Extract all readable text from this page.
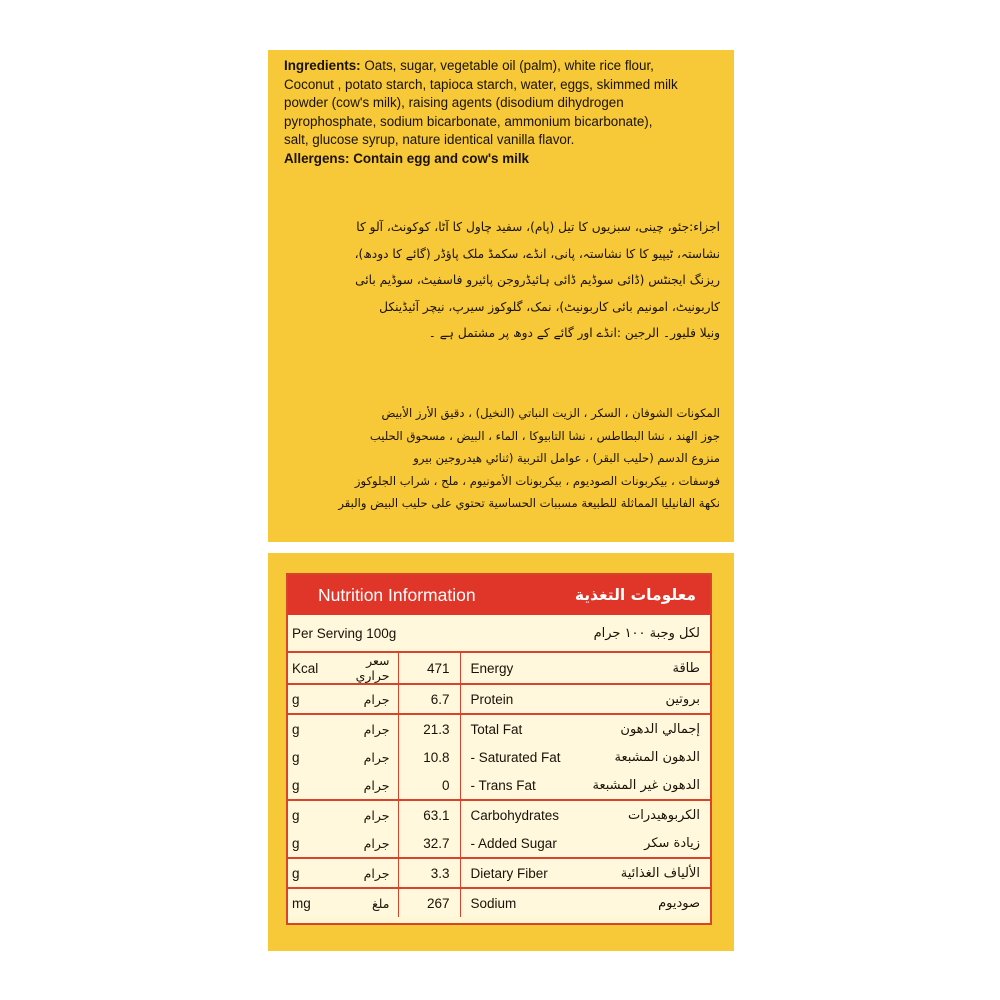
Ingredients: Oats, sugar, vegetable oil (palm), white rice flour,
Coconut , potato starch, tapioca starch, water, eggs, skimmed milk
powder (cow's milk), raising agents (disodium dihydrogen
pyrophosphate, sodium bicarbonate, ammonium bicarbonate),
salt, glucose syrup, nature identical vanilla flavor.

Allergens: Contain egg and cow's milk

اجزاء:جئو، چینی، سبزیوں کا تیل (پام)، سفید چاول کا آٹا، کوکونٹ، آلو کا

نشاستہ، ٹیپیو کا کا نشاستہ، پانی، انڈے، سکمڈ ملک پاؤڈر (گائے کا دودھ)،

ریزنگ ایجنٹس (ڈائی سوڈیم ڈائی ہائیڈروجن پائیرو فاسفیٹ، سوڈیم بائی

کاربونیٹ، امونیم بائی کاربونیٹ)، نمک، گلوکوز سیرپ، نیچر آئیڈینکل

ونیلا فلیور۔ الرجین :انڈے اور گائے کے دوھ پر مشتمل ہے ۔

المكونات الشوفان ، السكر ، الزيت النباتي (النخيل) ، دقيق الأرز الأبيض

جوز الهند ، نشا البطاطس ، نشا التابيوكا ، الماء ، البيض ، مسحوق الحليب

منزوع الدسم (حليب البقر) ، عوامل التربية (ثنائي هيدروجين بيرو

فوسفات ، بيكربونات الصوديوم ، بيكربونات الأمونيوم ، ملح ، شراب الجلوكوز

نكهة الفانيليا المماثلة للطبيعة مسببات الحساسية تحتوي على حليب البيض والبقر

Nutrition Information	معلومات التغذية
Per Serving 100g	لكل وجبة ١٠٠ جرام
Kcal	سعر حراري	471	Energy	طاقة
g	جرام	6.7	Protein	بروتين
g	جرام	21.3	Total Fat	إجمالي الدهون
g	جرام	10.8	- Saturated Fat	الدهون المشبعة
g	جرام	0	- Trans Fat	الدهون غير المشبعة
g	جرام	63.1	Carbohydrates	الكربوهيدرات
g	جرام	32.7	- Added Sugar	زيادة سكر
g	جرام	3.3	Dietary Fiber	الألياف الغذائية
mg	ملغ	267	Sodium	صوديوم
